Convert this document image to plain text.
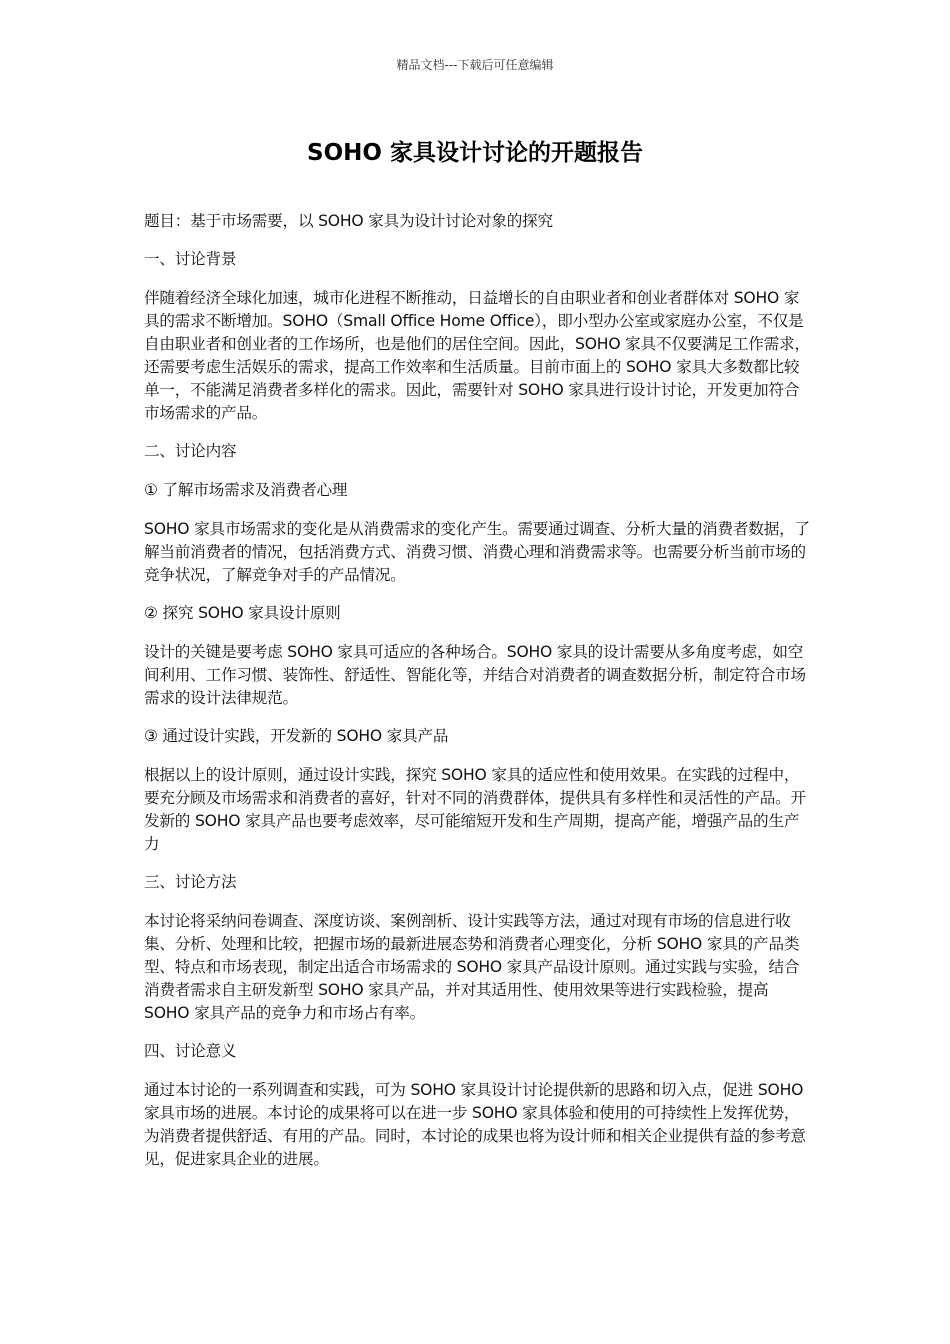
精品文档---下载后可任意编辑
SOHO 家具设计讨论的开题报告

题目：基于市场需要，以 SOHO 家具为设计讨论对象的探究

一、讨论背景

伴随着经济全球化加速，城市化进程不断推动，日益增长的自由职业者和创业者群体对 SOHO 家具的需求不断增加。SOHO（Small Office Home Office），即小型办公室或家庭办公室，不仅是自由职业者和创业者的工作场所，也是他们的居住空间。因此，SOHO 家具不仅要满足工作需求，还需要考虑生活娱乐的需求，提高工作效率和生活质量。目前市面上的 SOHO 家具大多数都比较单一，不能满足消费者多样化的需求。因此，需要针对 SOHO 家具进行设计讨论，开发更加符合市场需求的产品。

二、讨论内容

① 了解市场需求及消费者心理

SOHO 家具市场需求的变化是从消费需求的变化产生。需要通过调查、分析大量的消费者数据，了解当前消费者的情况，包括消费方式、消费习惯、消费心理和消费需求等。也需要分析当前市场的竞争状况，了解竞争对手的产品情况。

② 探究 SOHO 家具设计原则

设计的关键是要考虑 SOHO 家具可适应的各种场合。SOHO 家具的设计需要从多角度考虑，如空间利用、工作习惯、装饰性、舒适性、智能化等，并结合对消费者的调查数据分析，制定符合市场需求的设计法律规范。

③ 通过设计实践，开发新的 SOHO 家具产品

根据以上的设计原则，通过设计实践，探究 SOHO 家具的适应性和使用效果。在实践的过程中，要充分顾及市场需求和消费者的喜好，针对不同的消费群体，提供具有多样性和灵活性的产品。开发新的 SOHO 家具产品也要考虑效率，尽可能缩短开发和生产周期，提高产能，增强产品的生产力

三、讨论方法

本讨论将采纳问卷调查、深度访谈、案例剖析、设计实践等方法，通过对现有市场的信息进行收集、分析、处理和比较，把握市场的最新进展态势和消费者心理变化，分析 SOHO 家具的产品类型、特点和市场表现，制定出适合市场需求的 SOHO 家具产品设计原则。通过实践与实验，结合消费者需求自主研发新型 SOHO 家具产品，并对其适用性、使用效果等进行实践检验，提高 SOHO 家具产品的竞争力和市场占有率。

四、讨论意义

通过本讨论的一系列调查和实践，可为 SOHO 家具设计讨论提供新的思路和切入点，促进 SOHO 家具市场的进展。本讨论的成果将可以在进一步 SOHO 家具体验和使用的可持续性上发挥优势，为消费者提供舒适、有用的产品。同时，本讨论的成果也将为设计师和相关企业提供有益的参考意见，促进家具企业的进展。
